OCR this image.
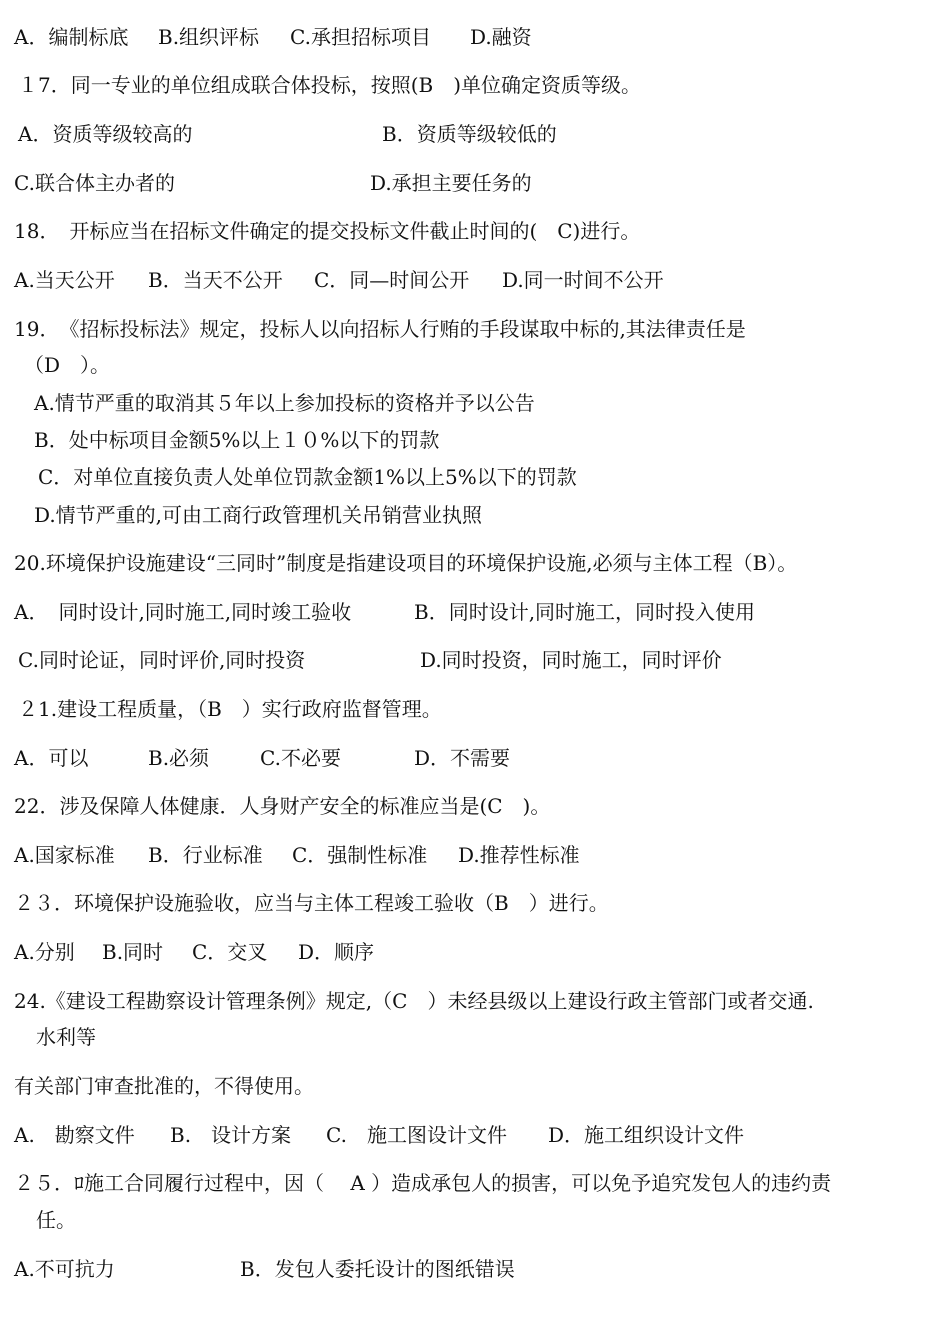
A．编制标底 B.组织评标 C.承担招标项目 D.融资
１7．同一专业的单位组成联合体投标，按照(B　)单位确定资质等级。
A．资质等级较高的	B．资质等级较低的
C.联合体主办者的	D.承担主要任务的
18．　开标应当在招标文件确定的提交投标文件截止时间的(　C)进行。
A.当天公开 B．当天不公开 C．同—时间公开 D.同一时间不公开
19．　《招标投标法》规定，投标人以向招标人行贿的手段谋取中标的,其法律责任是
（D　）。
A.情节严重的取消其５年以上参加投标的资格并予以公告
B．处中标项目金额5%以上１０%以下的罚款
C．对单位直接负责人处单位罚款金额1%以上5%以下的罚款
D.情节严重的,可由工商行政管理机关吊销营业执照
20.环境保护设施建设“三同时”制度是指建设项目的环境保护设施,必须与主体工程（B）。
A．　同时设计,同时施工,同时竣工验收	B．同时设计,同时施工，同时投入使用
C.同时论证，同时评价,同时投资	D.同时投资，同时施工，同时评价
２1.建设工程质量，（B　）实行政府监督管理。
A．可以	B.必须	C.不必要	D．不需要
22．涉及保障人体健康．人身财产安全的标准应当是(C　)。
A.国家标准 B．行业标准 C．强制性标准 D.推荐性标准
２３．环境保护设施验收，应当与主体工程竣工验收（B　）进行。
A.分别 B.同时 C．交叉 D．顺序
24.《建设工程勘察设计管理条例》规定,（C　）未经县级以上建设行政主管部门或者交通.
水利等
有关部门审查批准的，不得使用。
A.　勘察文件 B.　设计方案 C.　施工图设计文件 D．施工组织设计文件
２５．ﾛ施工合同履行过程中，因（　 A ）造成承包人的损害，可以免予追究发包人的违约责
任。
A.不可抗力	B．发包人委托设计的图纸错误
